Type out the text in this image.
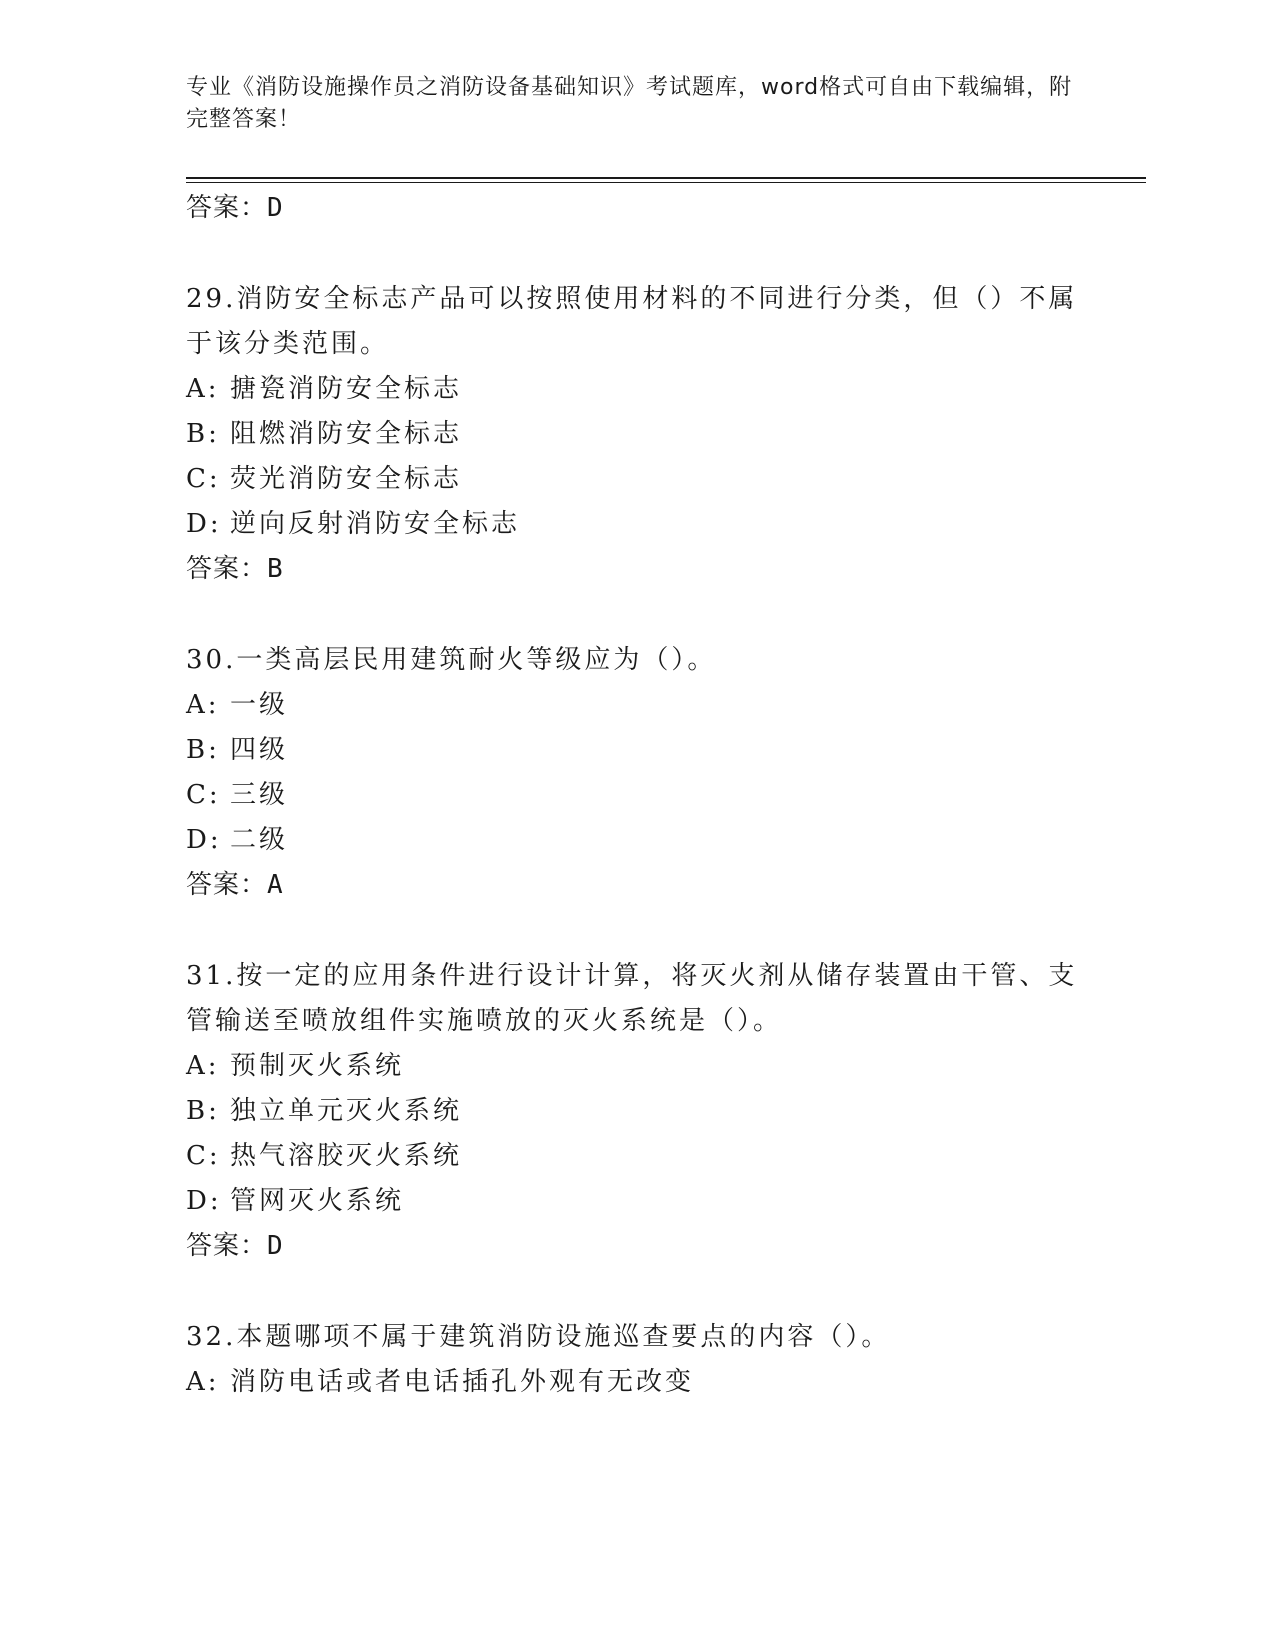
专业《消防设施操作员之消防设备基础知识》考试题库，word格式可自由下载编辑，附完整答案！
答案：D
29.消防安全标志产品可以按照使用材料的不同进行分类，但（）不属于该分类范围。
A: 搪瓷消防安全标志
B: 阻燃消防安全标志
C: 荧光消防安全标志
D: 逆向反射消防安全标志
答案：B
30.一类高层民用建筑耐火等级应为（）。
A: 一级
B: 四级
C: 三级
D: 二级
答案：A
31.按一定的应用条件进行设计计算，将灭火剂从储存装置由干管、支管输送至喷放组件实施喷放的灭火系统是（）。
A: 预制灭火系统
B: 独立单元灭火系统
C: 热气溶胶灭火系统
D: 管网灭火系统
答案：D
32.本题哪项不属于建筑消防设施巡查要点的内容（）。
A: 消防电话或者电话插孔外观有无改变
